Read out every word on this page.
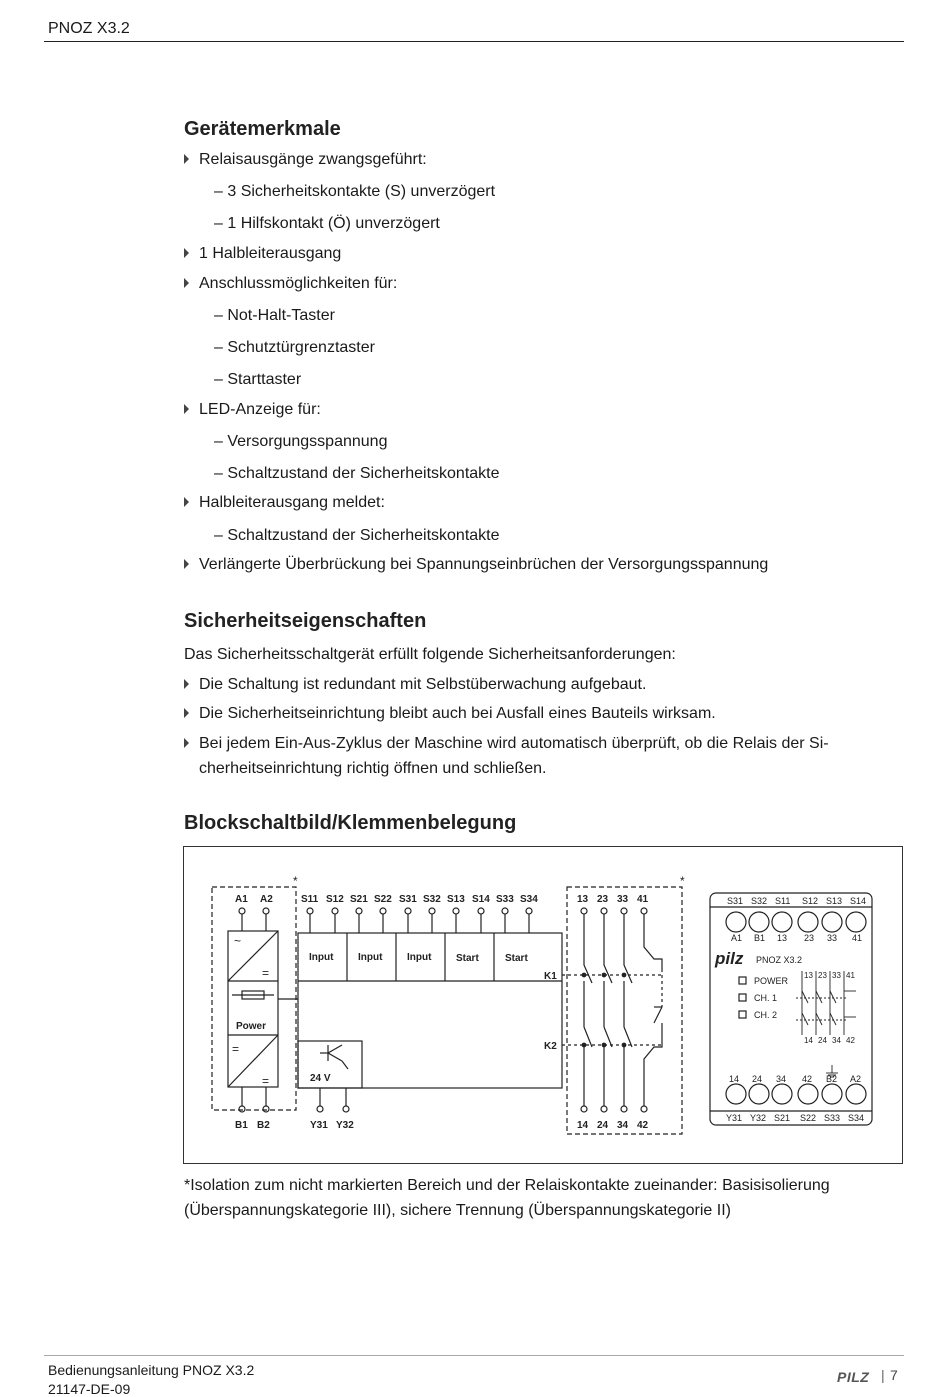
PNOZ X3.2
Gerätemerkmale
Relaisausgänge zwangsgeführt:
– 3 Sicherheitskontakte (S) unverzögert
– 1 Hilfskontakt (Ö) unverzögert
1 Halbleiterausgang
Anschlussmöglichkeiten für:
– Not-Halt-Taster
– Schutztürgrenztaster
– Starttaster
LED-Anzeige für:
– Versorgungsspannung
– Schaltzustand der Sicherheitskontakte
Halbleiterausgang meldet:
– Schaltzustand der Sicherheitskontakte
Verlängerte Überbrückung bei Spannungseinbrüchen der Versorgungsspannung
Sicherheitseigenschaften
Das Sicherheitsschaltgerät erfüllt folgende Sicherheitsanforderungen:
Die Schaltung ist redundant mit Selbstüberwachung aufgebaut.
Die Sicherheitseinrichtung bleibt auch bei Ausfall eines Bauteils wirksam.
Bei jedem Ein-Aus-Zyklus der Maschine wird automatisch überprüft, ob die Relais der Si-
cherheitseinrichtung richtig öffnen und schließen.
Blockschaltbild/Klemmenbelegung
*	*
A1 A2
B1 B2
~
=
=
=
Power
S11 S12 S21 S22 S31 S32 S13 S14 S33 S34
Input Input Input Start	Start
K1
K2
24 V
Y31 Y32
13 23 33 41
14 24 34 42
S31 S32 S11 S12 S13 S14
A1 B1 13 23 33 41
pilz PNOZ X3.2
POWER
CH. 1
CH. 2
13 23 33 41
14 24 34 42
14 24 34 42 B2 A2
Y31 Y32 S21 S22 S33 S34
*Isolation zum nicht markierten Bereich und der Relaiskontakte zueinander: Basisisolierung
(Überspannungskategorie III), sichere Trennung (Überspannungskategorie II)
Bedienungsanleitung PNOZ X3.2
21147-DE-09
PILZ | 7
